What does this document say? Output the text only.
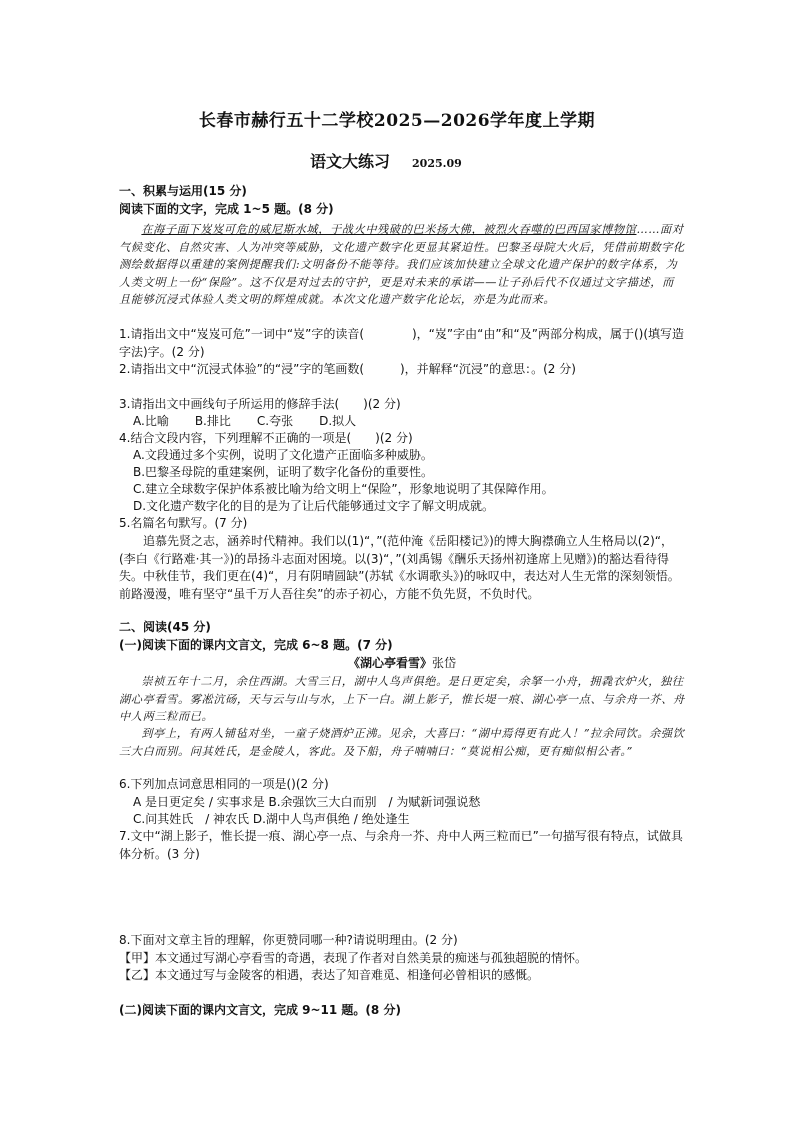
长春市赫行五十二学校2025—2026学年度上学期
语文大练习 2025.09
一、积累与运用(15 分)
阅读下面的文字，完成 1~5 题。(8 分)
在海子面下岌岌可危的威尼斯水城，于战火中残破的巴米扬大佛，被烈火吞噬的巴西国家博物馆……面对气候变化、自然灾害、人为冲突等威胁，文化遗产数字化更显其紧迫性。巴黎圣母院大火后，凭借前期数字化测绘数据得以重建的案例提醒我们:文明备份不能等待。我们应该加快建立全球文化遗产保护的数字体系，为人类文明上一份“保险”。这不仅是对过去的守护，更是对未来的承诺——让子孙后代不仅通过文字描述，而且能够沉浸式体验人类文明的辉煌成就。本次文化遗产数字化论坛，亦是为此而来。
1.请指出文中“岌岌可危”一词中“岌”字的读音(　　　　)，“岌”字由“由”和“及”两部分构成，属于()(填写造字法)字。(2 分)
2.请指出文中“沉浸式体验”的“浸”字的笔画数(　　　)，并解释“沉浸”的意思：。(2 分)
3.请指出文中画线句子所运用的修辞手法(　　)(2 分)
A.比喻 B.排比 C.夸张 D.拟人
4.结合文段内容，下列理解不正确的一项是(　　)(2 分)
A.文段通过多个实例，说明了文化遗产正面临多种威胁。
B.巴黎圣母院的重建案例，证明了数字化备份的重要性。
C.建立全球数字保护体系被比喻为给文明上“保险”，形象地说明了其保障作用。
D.文化遗产数字化的目的是为了让后代能够通过文字了解文明成就。
5.名篇名句默写。(7 分)
追慕先贤之志，涵养时代精神。我们以(1)“，”(范仲淹《岳阳楼记》)的博大胸襟确立人生格局以(2)“，(李白《行路难·其一》)的昂扬斗志面对困境。以(3)“，”(刘禹锡《酬乐天扬州初逢席上见赠》)的豁达看待得失。中秋佳节，我们更在(4)“，月有阴晴圆缺”(苏轼《水调歌头》)的咏叹中，表达对人生无常的深刻领悟。前路漫漫，唯有坚守“虽千万人吾往矣”的赤子初心，方能不负先贤，不负时代。
二、阅读(45 分)
(一)阅读下面的课内文言文，完成 6~8 题。(7 分)
《湖心亭看雪》张岱
崇祯五年十二月，余住西湖。大雪三日，湖中人鸟声俱绝。是日更定矣，余拏一小舟，拥毳衣炉火，独往湖心亭看雪。雾凇沆砀，天与云与山与水，上下一白。湖上影子，惟长堤一痕、湖心亭一点、与余舟一芥、舟中人两三粒而已。
到亭上，有两人铺毡对坐，一童子烧酒炉正沸。见余，大喜曰：“湖中焉得更有此人！”拉余同饮。余强饮三大白而别。问其姓氏，是金陵人，客此。及下船，舟子喃喃曰：“莫说相公痴，更有痴似相公者。”
6.下列加点词意思相同的一项是()(2 分)
A 是日更定矣 / 实事求是 B.余强饮三大白而别　/ 为赋新词强说愁
C.问其姓氏　/ 神农氏 D.湖中人鸟声俱绝 / 绝处逢生
7.文中“湖上影子，惟长提一痕、湖心亭一点、与余舟一芥、舟中人两三粒而已”一句描写很有特点，试做具体分析。(3 分)
8.下面对文章主旨的理解，你更赞同哪一种?请说明理由。(2 分)
【甲】本文通过写湖心亭看雪的奇遇，表现了作者对自然美景的痴迷与孤独超脱的情怀。
【乙】本文通过写与金陵客的相遇，表达了知音难觅、相逢何必曾相识的感慨。
(二)阅读下面的课内文言文，完成 9~11 题。(8 分)
